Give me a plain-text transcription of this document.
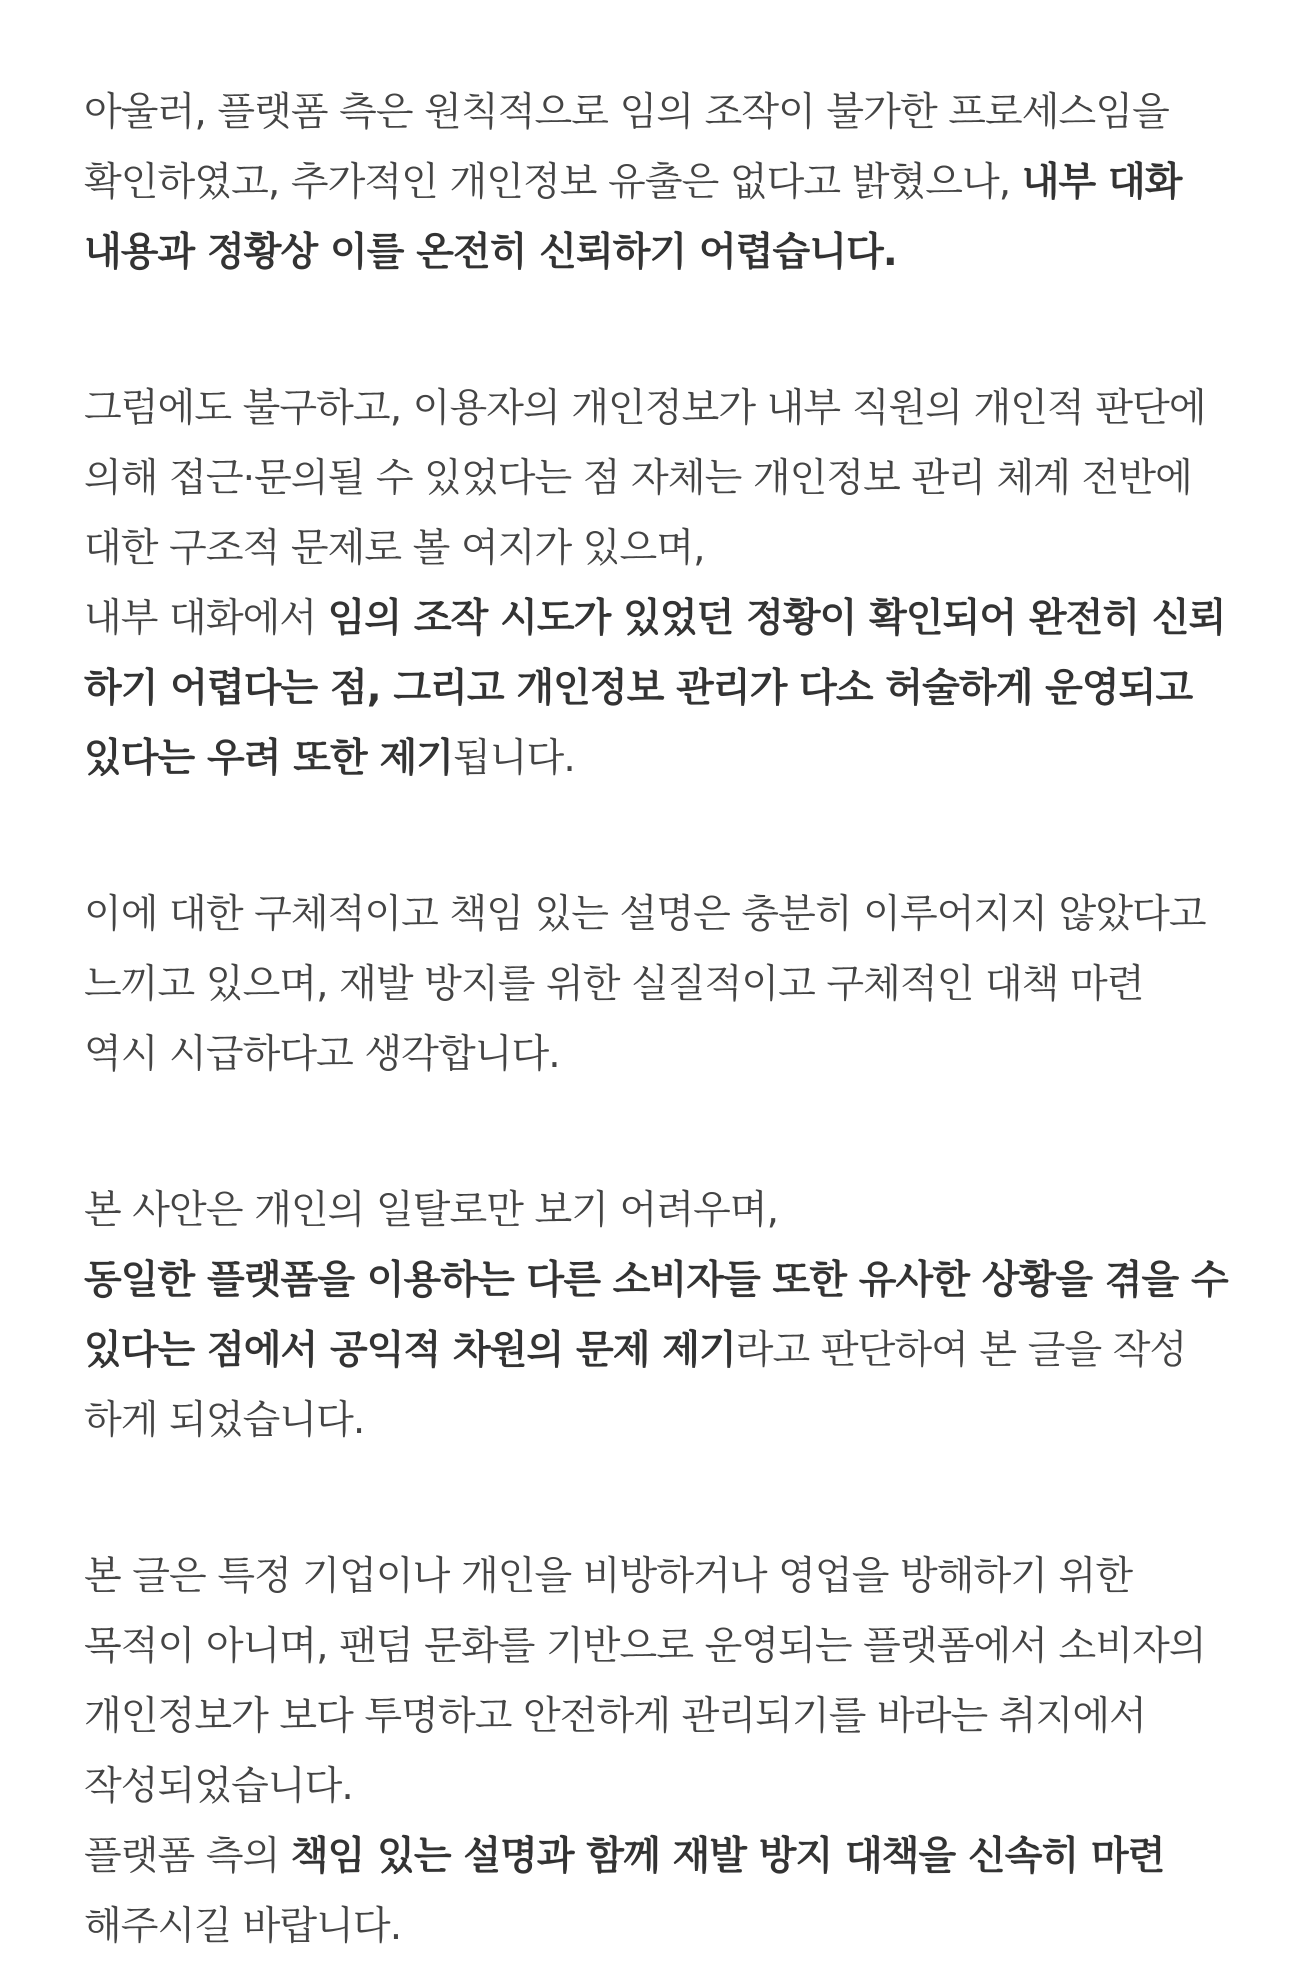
아울러, 플랫폼 측은 원칙적으로 임의 조작이 불가한 프로세스임을
확인하였고, 추가적인 개인정보 유출은 없다고 밝혔으나, 내부 대화
내용과 정황상 이를 온전히 신뢰하기 어렵습니다.
그럼에도 불구하고, 이용자의 개인정보가 내부 직원의 개인적 판단에
의해 접근·문의될 수 있었다는 점 자체는 개인정보 관리 체계 전반에
대한 구조적 문제로 볼 여지가 있으며,
내부 대화에서 임의 조작 시도가 있었던 정황이 확인되어 완전히 신뢰
하기 어렵다는 점, 그리고 개인정보 관리가 다소 허술하게 운영되고
있다는 우려 또한 제기됩니다.
이에 대한 구체적이고 책임 있는 설명은 충분히 이루어지지 않았다고
느끼고 있으며, 재발 방지를 위한 실질적이고 구체적인 대책 마련
역시 시급하다고 생각합니다.
본 사안은 개인의 일탈로만 보기 어려우며,
동일한 플랫폼을 이용하는 다른 소비자들 또한 유사한 상황을 겪을 수
있다는 점에서 공익적 차원의 문제 제기라고 판단하여 본 글을 작성
하게 되었습니다.
본 글은 특정 기업이나 개인을 비방하거나 영업을 방해하기 위한
목적이 아니며, 팬덤 문화를 기반으로 운영되는 플랫폼에서 소비자의
개인정보가 보다 투명하고 안전하게 관리되기를 바라는 취지에서
작성되었습니다.
플랫폼 측의 책임 있는 설명과 함께 재발 방지 대책을 신속히 마련
해주시길 바랍니다.
